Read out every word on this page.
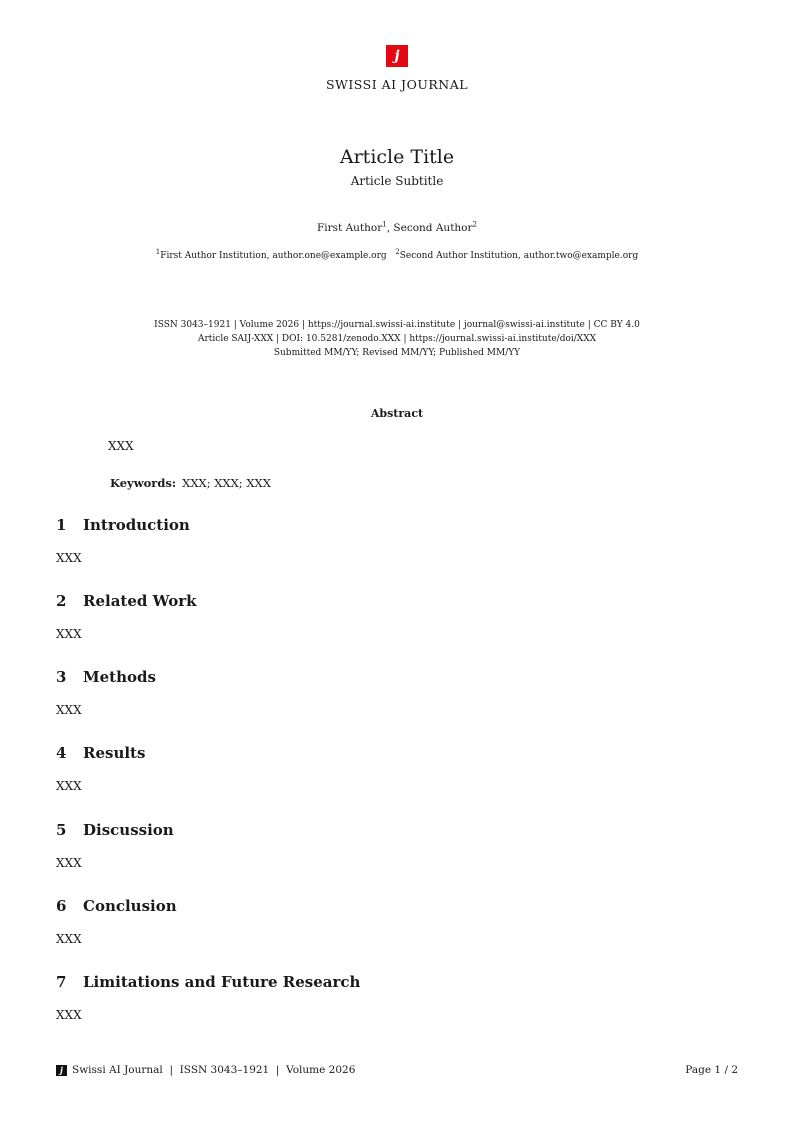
j
SWISSI AI JOURNAL
Article Title
Article Subtitle
First Author$^1$, Second Author$^2$
$^1$First Author Institution, author.one@example.org $^2$Second Author Institution, author.two@example.org
ISSN 3043–1921 | Volume 2026 | https://journal.swissi-ai.institute | journal@swissi-ai.institute | CC BY 4.0
Article SAIJ-XXX | DOI: 10.5281/zenodo.XXX | https://journal.swissi-ai.institute/doi/XXX
Submitted MM/YY; Revised MM/YY; Published MM/YY
Abstract
XXX
Keywords: XXX; XXX; XXX
1 Introduction
XXX
2 Related Work
XXX
3 Methods
XXX
4 Results
XXX
5 Discussion
XXX
6 Conclusion
XXX
7 Limitations and Future Research
XXX
j Swissi AI Journal  |  ISSN 3043–1921  |  Volume 2026	Page 1 / 2
